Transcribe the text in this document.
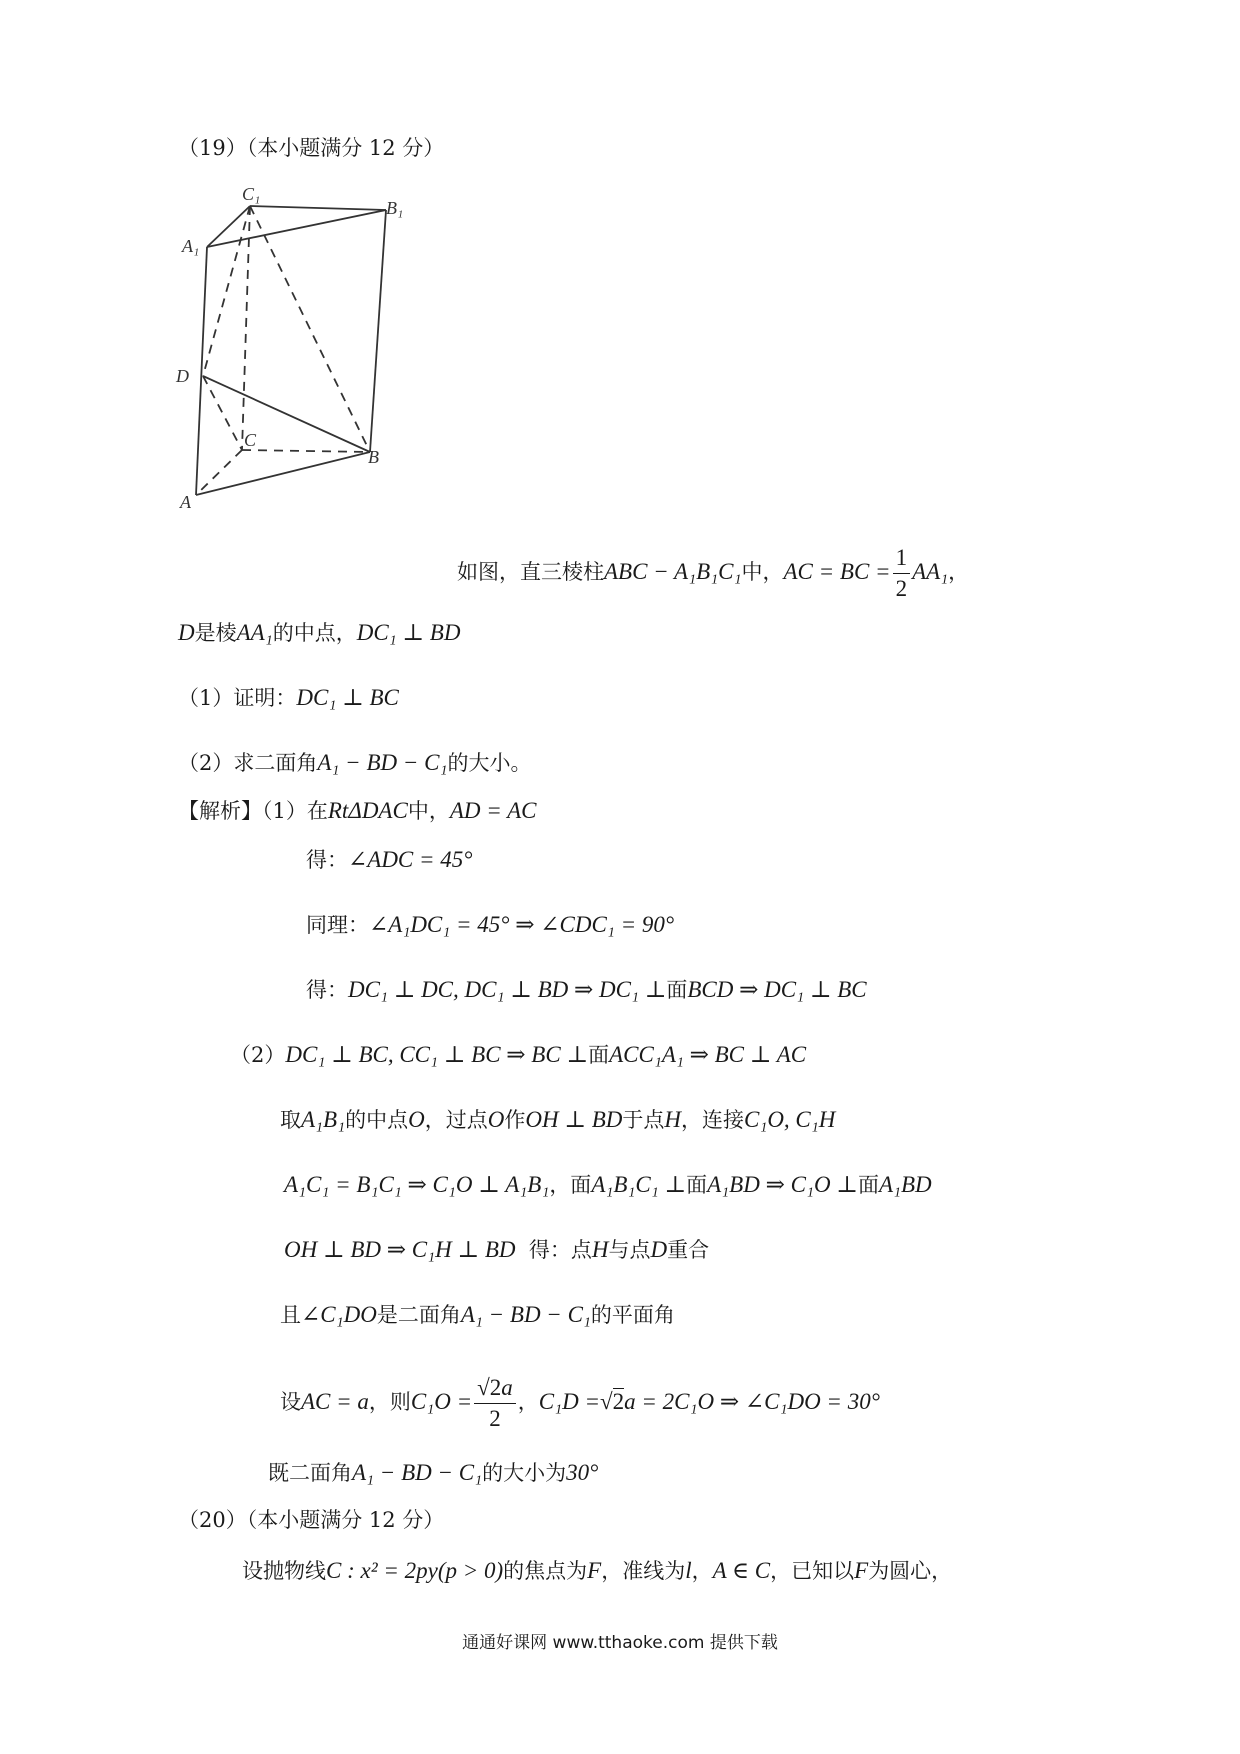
（19）（本小题满分 12 分）
C₁
B₁
A₁
D
C
B
A
如图，直三棱柱ABC − A₁B₁C₁中，AC = BC = $\frac{1}{2} AA_1$，
D是棱AA₁的中点，DC₁ ⊥ BD
（1）证明：DC₁ ⊥ BC
（2）求二面角A₁ − BD − C₁的大小。
【解析】（1）在RtΔDAC中，AD = AC
得：∠ADC = 45°
同理：∠A₁DC₁ = 45° ⇒ ∠CDC₁ = 90°
得：DC₁ ⊥ DC, DC₁ ⊥ BD ⇒ DC₁ ⊥面BCD ⇒ DC₁ ⊥ BC
（2）DC₁ ⊥ BC, CC₁ ⊥ BC ⇒ BC ⊥面ACC₁A₁ ⇒ BC ⊥ AC
取A₁B₁的中点O，过点O作OH ⊥ BD于点H，连接C₁O, C₁H
A₁C₁ = B₁C₁ ⇒ C₁O ⊥ A₁B₁，面A₁B₁C₁ ⊥面A₁BD ⇒ C₁O ⊥面A₁BD
OH ⊥ BD ⇒ C₁H ⊥ BD 得：点H与点D重合
且∠C₁DO是二面角A₁ − BD − C₁的平面角
设AC = a，则$C_1O = \frac{√2a}{2}$ ，C₁D =√2a = 2C₁O ⇒ ∠C₁DO = 30°
既二面角A₁ − BD − C₁的大小为30°
（20）（本小题满分 12 分）
设抛物线C : x² = 2py(p > 0)的焦点为F，准线为l，A ∈ C，已知以F为圆心，
通通好课网 www.tthaoke.com 提供下载
